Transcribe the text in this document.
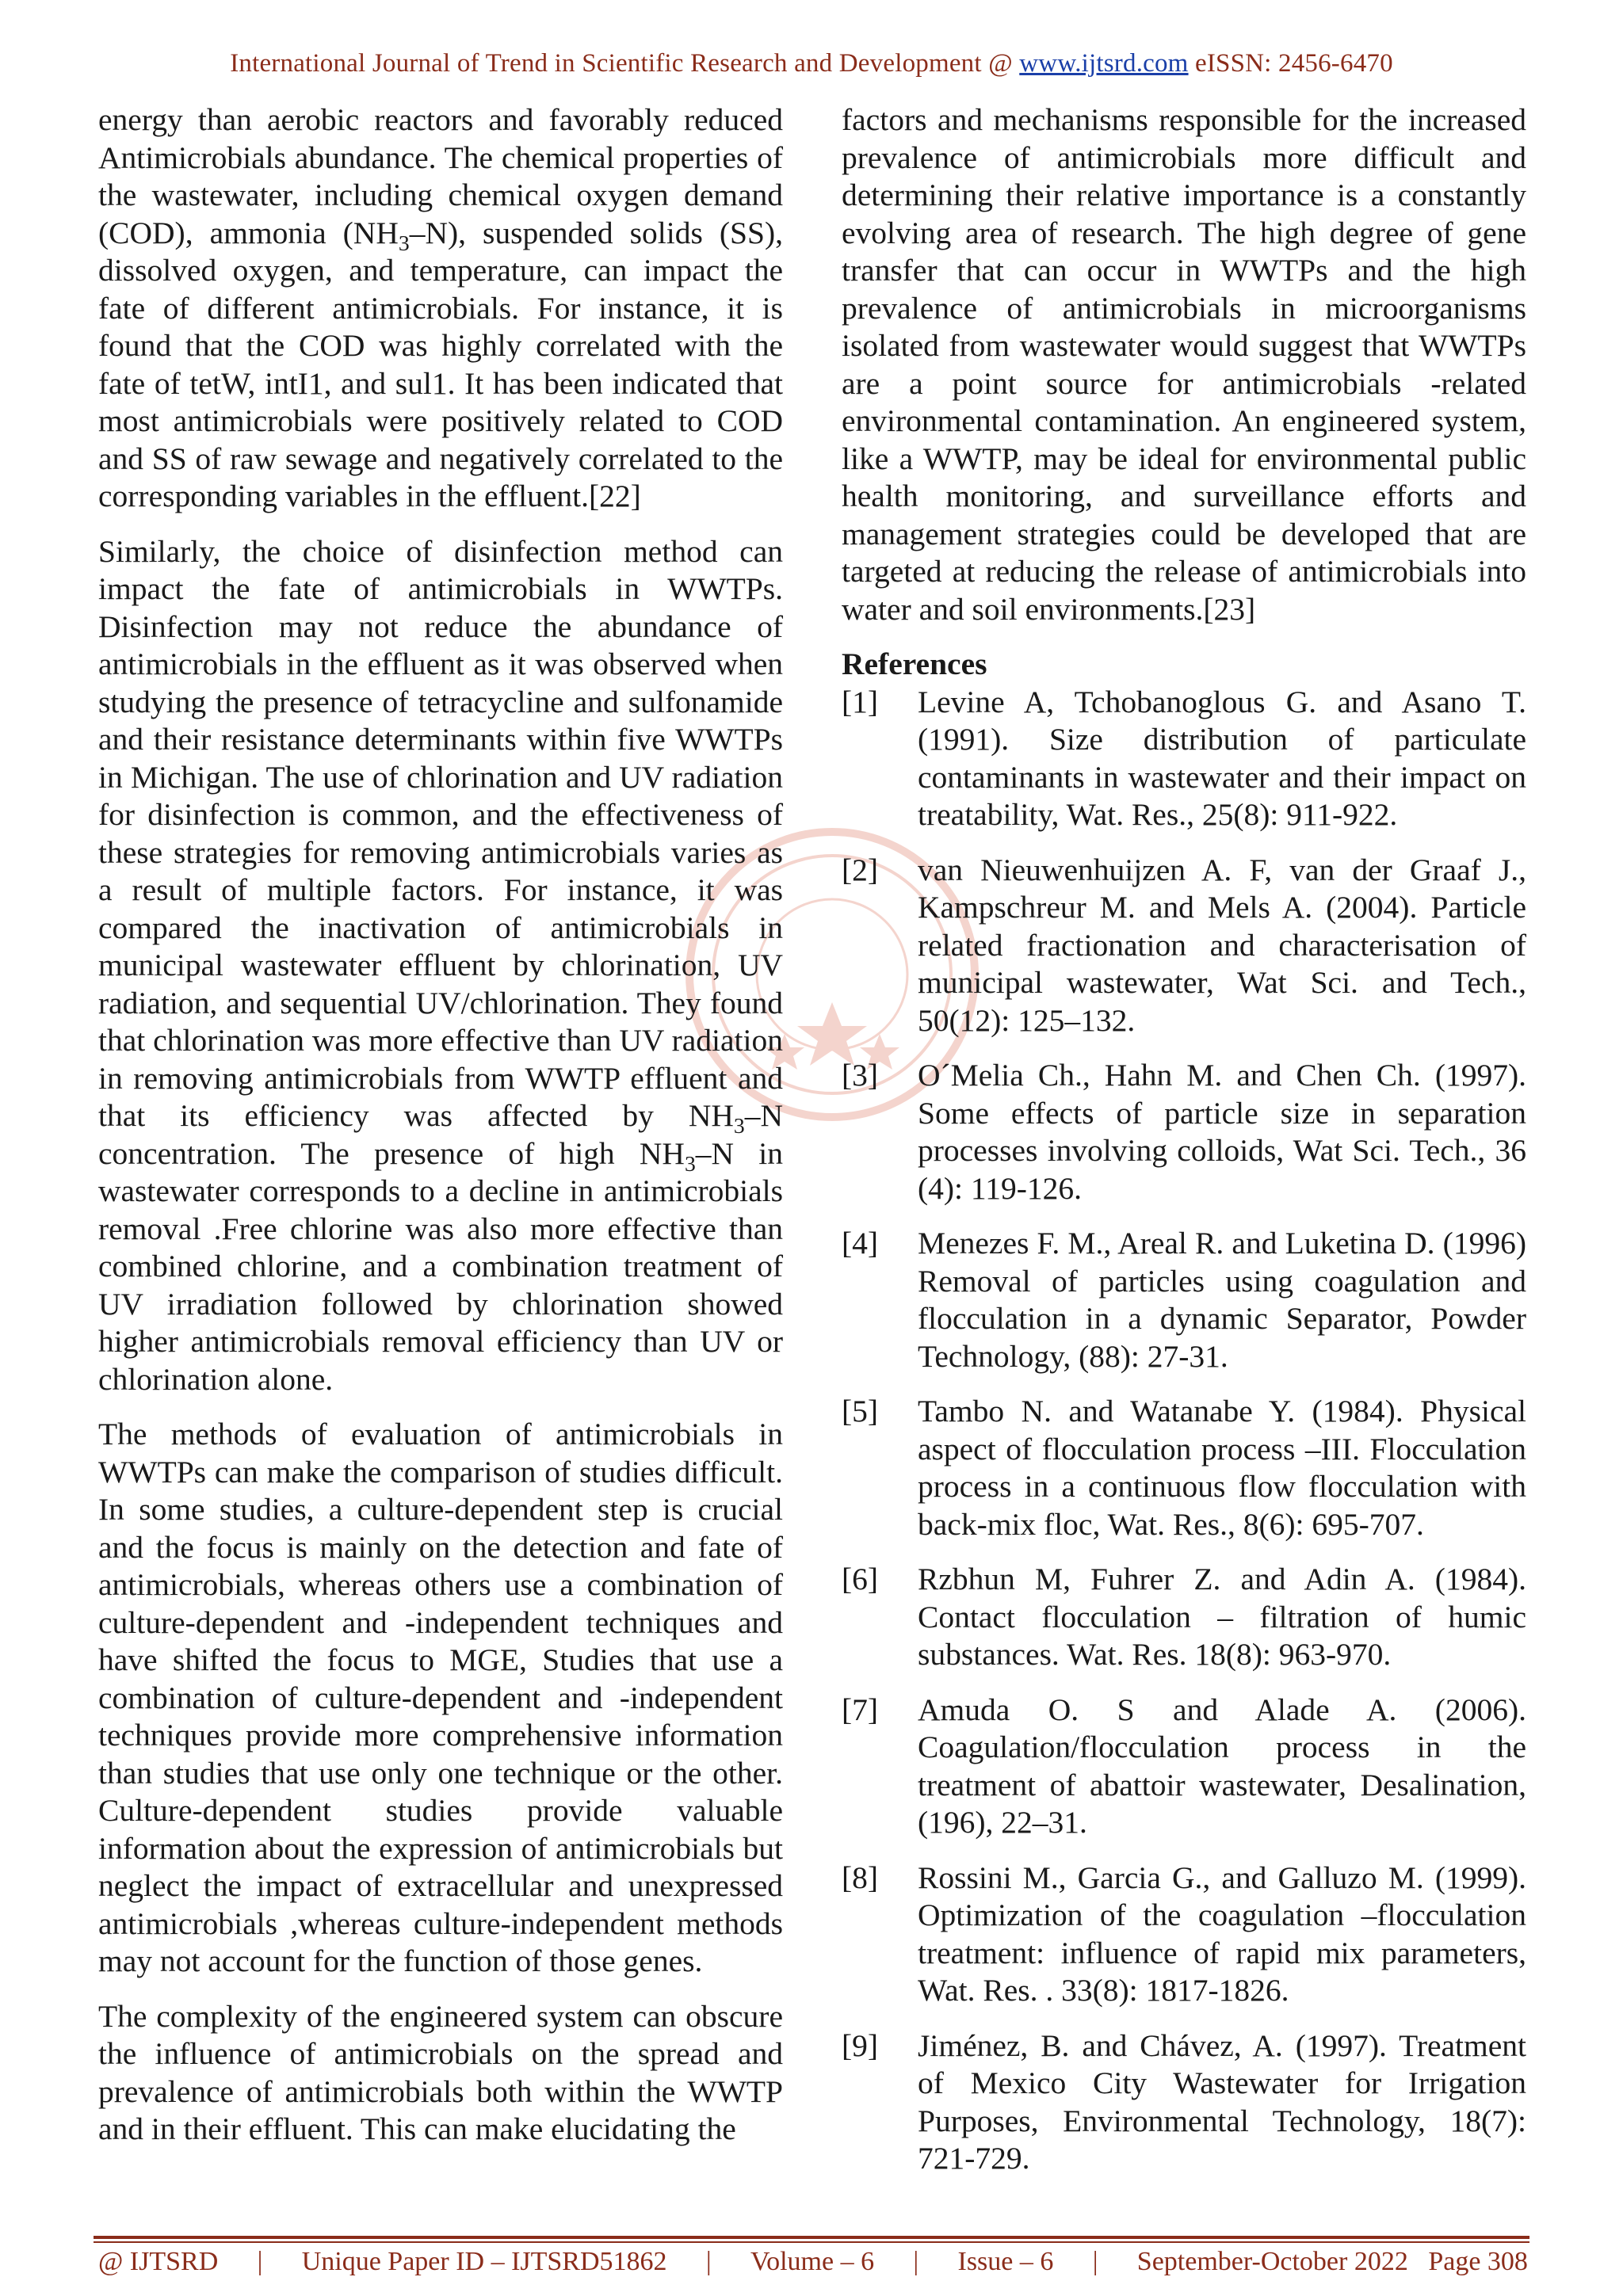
International Journal of Trend in Scientific Research and Development @ www.ijtsrd.com eISSN: 2456-6470

energy than aerobic reactors and favorably reduced Antimicrobials abundance. The chemical properties of the wastewater, including chemical oxygen demand (COD), ammonia $(NH_3-N)$, suspended solids (SS), dissolved oxygen, and temperature, can impact the fate of different antimicrobials. For instance, it is found that the COD was highly correlated with the fate of tetW, intI1, and sul1. It has been indicated that most antimicrobials were positively related to COD and SS of raw sewage and negatively correlated to the corresponding variables in the effluent.[22]

Similarly, the choice of disinfection method can impact the fate of antimicrobials in WWTPs. Disinfection may not reduce the abundance of antimicrobials in the effluent as it was observed when studying the presence of tetracycline and sulfonamide and their resistance determinants within five WWTPs in Michigan. The use of chlorination and UV radiation for disinfection is common, and the effectiveness of these strategies for removing antimicrobials varies as a result of multiple factors. For instance, it was compared the inactivation of antimicrobials in municipal wastewater effluent by chlorination, UV radiation, and sequential UV/chlorination. They found that chlorination was more effective than UV radiation in removing antimicrobials from WWTP effluent and that its efficiency was affected by $NH_3-N$ concentration. The presence of high $NH_3-N$ in wastewater corresponds to a decline in antimicrobials removal .Free chlorine was also more effective than combined chlorine, and a combination treatment of UV irradiation followed by chlorination showed higher antimicrobials removal efficiency than UV or chlorination alone.

The methods of evaluation of antimicrobials in WWTPs can make the comparison of studies difficult. In some studies, a culture-dependent step is crucial and the focus is mainly on the detection and fate of antimicrobials, whereas others use a combination of culture-dependent and -independent techniques and have shifted the focus to MGE, Studies that use a combination of culture-dependent and -independent techniques provide more comprehensive information than studies that use only one technique or the other. Culture-dependent studies provide valuable information about the expression of antimicrobials but neglect the impact of extracellular and unexpressed antimicrobials ,whereas culture-independent methods may not account for the function of those genes.

The complexity of the engineered system can obscure the influence of antimicrobials on the spread and prevalence of antimicrobials both within the WWTP and in their effluent. This can make elucidating the

factors and mechanisms responsible for the increased prevalence of antimicrobials more difficult and determining their relative importance is a constantly evolving area of research. The high degree of gene transfer that can occur in WWTPs and the high prevalence of antimicrobials in microorganisms isolated from wastewater would suggest that WWTPs are a point source for antimicrobials -related environmental contamination. An engineered system, like a WWTP, may be ideal for environmental public health monitoring, and surveillance efforts and management strategies could be developed that are targeted at reducing the release of antimicrobials into water and soil environments.[23]

References
[1]	Levine A, Tchobanoglous G. and Asano T. (1991). Size distribution of particulate contaminants in wastewater and their impact on treatability, Wat. Res., 25(8): 911-922.
[2]	van Nieuwenhuijzen A. F, van der Graaf J., Kampschreur M. and Mels A. (2004). Particle related fractionation and characterisation of municipal wastewater, Wat Sci. and Tech., 50(12): 125–132.
[3]	O´Melia Ch., Hahn M. and Chen Ch. (1997). Some effects of particle size in separation processes involving colloids, Wat Sci. Tech., 36 (4): 119-126.
[4]	Menezes F. M., Areal R. and Luketina D. (1996) Removal of particles using coagulation and flocculation in a dynamic Separator, Powder Technology, (88): 27-31.
[5]	Tambo N. and Watanabe Y. (1984). Physical aspect of flocculation process –III. Flocculation process in a continuous flow flocculation with back-mix floc, Wat. Res., 8(6): 695-707.
[6]	Rzbhun M, Fuhrer Z. and Adin A. (1984). Contact flocculation – filtration of humic substances. Wat. Res. 18(8): 963-970.
[7]	Amuda O. S and Alade A. (2006). Coagulation/flocculation process in the treatment of abattoir wastewater, Desalination, (196), 22–31.
[8]	Rossini M., Garcia G., and Galluzo M. (1999). Optimization of the coagulation –flocculation treatment: influence of rapid mix parameters, Wat. Res. . 33(8): 1817-1826.
[9]	Jiménez, B. and Chávez, A. (1997). Treatment of Mexico City Wastewater for Irrigation Purposes, Environmental Technology, 18(7): 721-729.
@ IJTSRD | Unique Paper ID – IJTSRD51862 | Volume – 6 | Issue – 6 | September-October 2022   Page 308
